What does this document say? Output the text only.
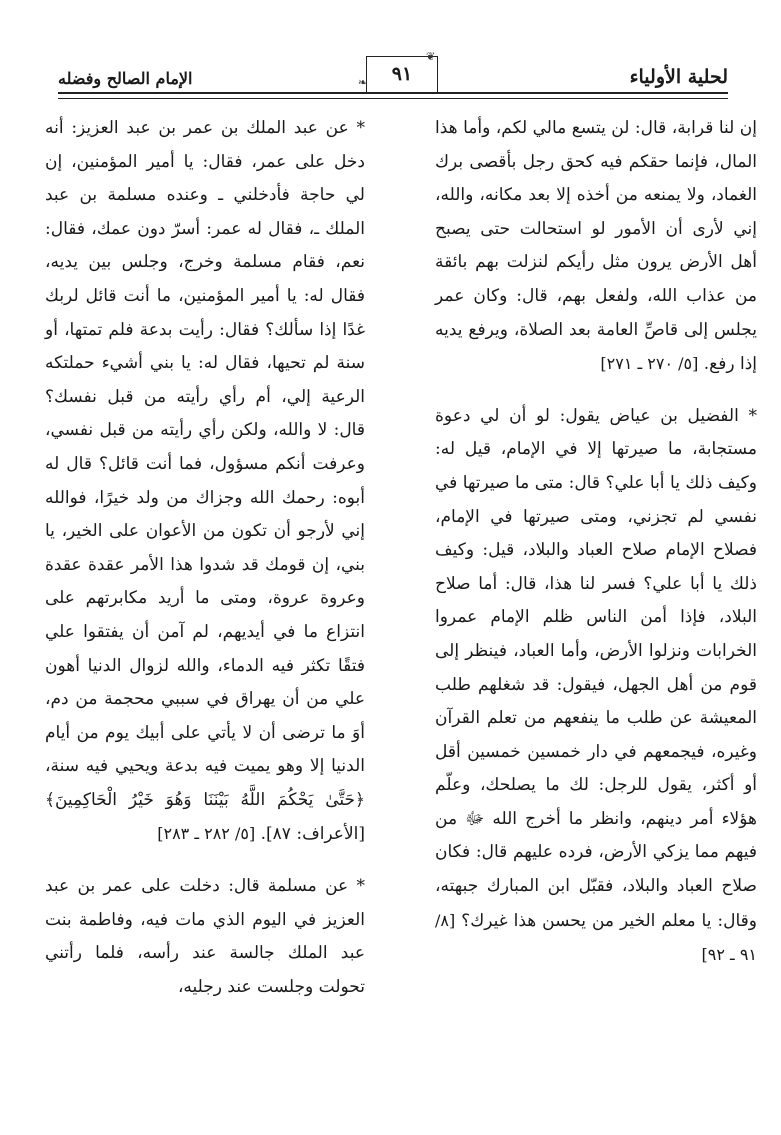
لحلية الأولياء
٩١
❦
❧
الإمام الصالح وفضله

إن لنا قرابة، قال: لن يتسع مالي لكم، وأما هذا المال، فإنما حقكم فيه كحق رجل بأقصى برك الغماد، ولا يمنعه من أخذه إلا بعد مكانه، والله، إني لأرى أن الأمور لو استحالت حتى يصبح أهل الأرض يرون مثل رأيكم لنزلت بهم بائقة من عذاب الله، ولفعل بهم، قال: وكان عمر يجلس إلى قاصِّ العامة بعد الصلاة، ويرفع يديه إذا رفع. [٥/ ٢٧٠ ـ ٢٧١]

* الفضيل بن عياض يقول: لو أن لي دعوة مستجابة، ما صيرتها إلا في الإمام، قيل له: وكيف ذلك يا أبا علي؟ قال: متى ما صيرتها في نفسي لم تجزني، ومتى صيرتها في الإمام، فصلاح الإمام صلاح العباد والبلاد، قيل: وكيف ذلك يا أبا علي؟ فسر لنا هذا، قال: أما صلاح البلاد، فإذا أمن الناس ظلم الإمام عمروا الخرابات ونزلوا الأرض، وأما العباد، فينظر إلى قوم من أهل الجهل، فيقول: قد شغلهم طلب المعيشة عن طلب ما ينفعهم من تعلم القرآن وغيره، فيجمعهم في دار خمسين خمسين أقل أو أكثر، يقول للرجل: لك ما يصلحك، وعلّم هؤلاء أمر دينهم، وانظر ما أخرج الله ﷻ من فيهم مما يزكي الأرض، فرده عليهم قال: فكان صلاح العباد والبلاد، فقبّل ابن المبارك جبهته، وقال: يا معلم الخير من يحسن هذا غيرك؟ [٨/ ٩١ ـ ٩٢]

* عن عبد الملك بن عمر بن عبد العزيز: أنه دخل على عمر، فقال: يا أمير المؤمنين، إن لي حاجة فأدخلني ـ وعنده مسلمة بن عبد الملك ـ، فقال له عمر: أسرّ دون عمك، فقال: نعم، فقام مسلمة وخرج، وجلس بين يديه، فقال له: يا أمير المؤمنين، ما أنت قائل لربك غدًا إذا سألك؟ فقال: رأيت بدعة فلم تمتها، أو سنة لم تحيها، فقال له: يا بني أشيء حملتكه الرعية إلي، أم رأي رأيته من قبل نفسك؟ قال: لا والله، ولكن رأي رأيته من قبل نفسي، وعرفت أنكم مسؤول، فما أنت قائل؟ قال له أبوه: رحمك الله وجزاك من ولد خيرًا، فوالله إني لأرجو أن تكون من الأعوان على الخير، يا بني، إن قومك قد شدوا هذا الأمر عقدة عقدة وعروة عروة، ومتى ما أريد مكابرتهم على انتزاع ما في أيديهم، لم آمن أن يفتقوا علي فتقًا تكثر فيه الدماء، والله لزوال الدنيا أهون علي من أن يهراق في سببي محجمة من دم، أوَ ما ترضى أن لا يأتي على أبيك يوم من أيام الدنيا إلا وهو يميت فيه بدعة ويحيي فيه سنة، ﴿حَتَّىٰ يَحْكُمَ اللَّهُ بَيْنَنَا وَهُوَ خَيْرُ الْحَاكِمِينَ﴾ [الأعراف: ٨٧]. [٥/ ٢٨٢ ـ ٢٨٣]

* عن مسلمة قال: دخلت على عمر بن عبد العزيز في اليوم الذي مات فيه، وفاطمة بنت عبد الملك جالسة عند رأسه، فلما رأتني تحولت وجلست عند رجليه،
